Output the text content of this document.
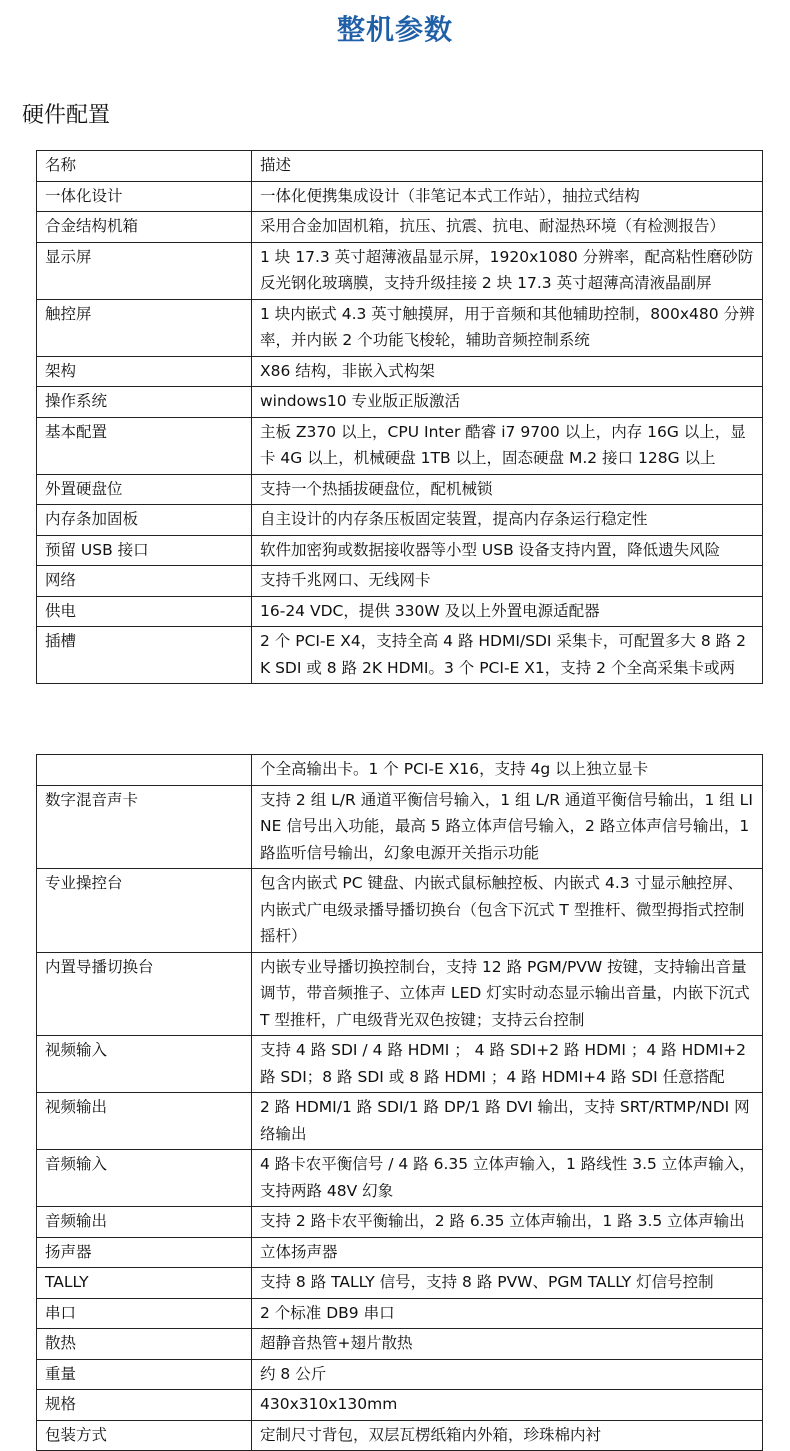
整机参数
硬件配置
名称	描述
一体化设计	一体化便携集成设计（非笔记本式工作站），抽拉式结构
合金结构机箱	采用合金加固机箱，抗压、抗震、抗电、耐湿热环境（有检测报告）
显示屏	1 块 17.3 英寸超薄液晶显示屏，1920x1080 分辨率，配高粘性磨砂防反光钢化玻璃膜，支持升级挂接 2 块 17.3 英寸超薄高清液晶副屏
触控屏	1 块内嵌式 4.3 英寸触摸屏，用于音频和其他辅助控制，800x480 分辨率，并内嵌 2 个功能飞梭轮，辅助音频控制系统
架构	X86 结构，非嵌入式构架
操作系统	windows10 专业版正版激活
基本配置	主板 Z370 以上，CPU Inter 酷睿 i7 9700 以上，内存 16G 以上，显卡 4G 以上，机械硬盘 1TB 以上，固态硬盘 M.2 接口 128G 以上
外置硬盘位	支持一个热插拔硬盘位，配机械锁
内存条加固板	自主设计的内存条压板固定装置，提高内存条运行稳定性
预留 USB 接口	软件加密狗或数据接收器等小型 USB 设备支持内置，降低遗失风险
网络	支持千兆网口、无线网卡
供电	16-24 VDC，提供 330W 及以上外置电源适配器
插槽	2 个 PCI-E X4，支持全高 4 路 HDMI/SDI 采集卡，可配置多大 8 路 2K SDI 或 8 路 2K HDMI。3 个 PCI-E X1，支持 2 个全高采集卡或两
	个全高输出卡。1 个 PCI-E X16，支持 4g 以上独立显卡
数字混音声卡	支持 2 组 L/R 通道平衡信号输入，1 组 L/R 通道平衡信号输出，1 组 LINE 信号出入功能，最高 5 路立体声信号输入，2 路立体声信号输出，1 路监听信号输出，幻象电源开关指示功能
专业操控台	包含内嵌式 PC 键盘、内嵌式鼠标触控板、内嵌式 4.3 寸显示触控屏、内嵌式广电级录播导播切换台（包含下沉式 T 型推杆、微型拇指式控制摇杆）
内置导播切换台	内嵌专业导播切换控制台，支持 12 路 PGM/PVW 按键，支持输出音量调节，带音频推子、立体声 LED 灯实时动态显示输出音量，内嵌下沉式 T 型推杆，广电级背光双色按键；支持云台控制
视频输入	支持 4 路 SDI / 4 路 HDMI ； 4 路 SDI+2 路 HDMI ；4 路 HDMI+2 路 SDI；8 路 SDI 或 8 路 HDMI ；4 路 HDMI+4 路 SDI 任意搭配
视频输出	2 路 HDMI/1 路 SDI/1 路 DP/1 路 DVI 输出，支持 SRT/RTMP/NDI 网络输出
音频输入	4 路卡农平衡信号 / 4 路 6.35 立体声输入，1 路线性 3.5 立体声输入，支持两路 48V 幻象
音频输出	支持 2 路卡农平衡输出，2 路 6.35 立体声输出，1 路 3.5 立体声输出
扬声器	立体扬声器
TALLY	支持 8 路 TALLY 信号，支持 8 路 PVW、PGM TALLY 灯信号控制
串口	2 个标准 DB9 串口
散热	超静音热管+翅片散热
重量	约 8 公斤
规格	430x310x130mm
包装方式	定制尺寸背包，双层瓦楞纸箱内外箱，珍珠棉内衬
